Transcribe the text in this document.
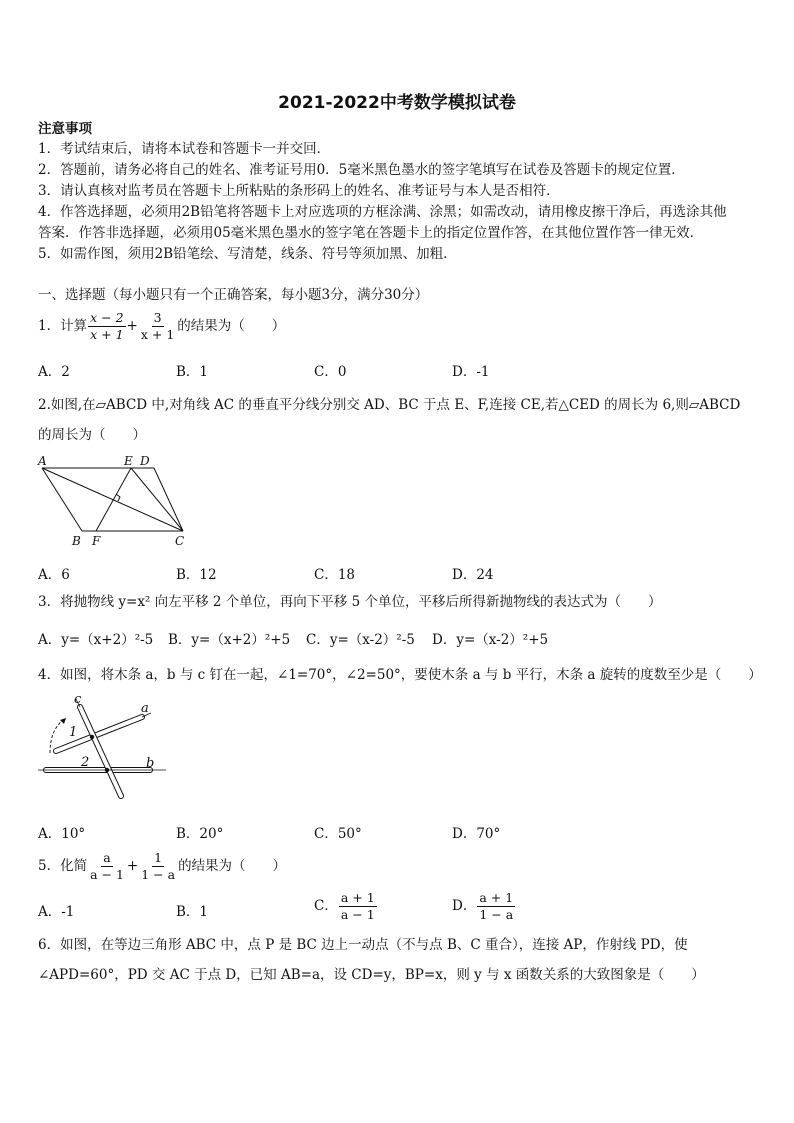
2021-2022中考数学模拟试卷
注意事项
1．考试结束后，请将本试卷和答题卡一并交回．
2．答题前，请务必将自己的姓名、准考证号用0．5毫米黑色墨水的签字笔填写在试卷及答题卡的规定位置．
3．请认真核对监考员在答题卡上所粘贴的条形码上的姓名、准考证号与本人是否相符．
4．作答选择题，必须用2B铅笔将答题卡上对应选项的方框涂满、涂黑；如需改动，请用橡皮擦干净后，再选涂其他
答案．作答非选择题，必须用05毫米黑色墨水的签字笔在答题卡上的指定位置作答，在其他位置作答一律无效．
5．如需作图，须用2B铅笔绘、写清楚，线条、符号等须加黑、加粗．
一、选择题（每小题只有一个正确答案，每小题3分，满分30分）
1．计算 $\frac{x - 2}{x + 1} + \frac{3}{x + 1}$ 的结果为（　　）
A．2	B．1	C．0	D．-1
2.如图,在▱ABCD 中,对角线 AC 的垂直平分线分别交 AD、BC 于点 E、F,连接 CE,若△CED 的周长为 6,则▱ABCD
的周长为（　　）
A	E D
B F	C
A．6	B．12	C．18	D．24
3．将抛物线 y=x² 向左平移 2 个单位，再向下平移 5 个单位，平移后所得新抛物线的表达式为（　　）
A．y=（x+2）²-5 B．y=（x+2）²+5 C．y=（x-2）²-5 D．y=（x-2）²+5
4．如图，将木条 a，b 与 c 钉在一起，∠1=70°，∠2=50°，要使木条 a 与 b 平行，木条 a 旋转的度数至少是（　　）
a
b
c
1
2
A．10°	B．20°	C．50°	D．70°
5．化简 $\frac{a}{a - 1} + \frac{1}{1 - a}$ 的结果为（　　）
A．-1	B．1	C． $\frac{a + 1}{a - 1}$	D． $\frac{a + 1}{1 - a}$
6．如图，在等边三角形 ABC 中，点 P 是 BC 边上一动点（不与点 B、C 重合），连接 AP，作射线 PD，使
∠APD=60°，PD 交 AC 于点 D，已知 AB=a，设 CD=y，BP=x，则 y 与 x 函数关系的大致图象是（　　）
